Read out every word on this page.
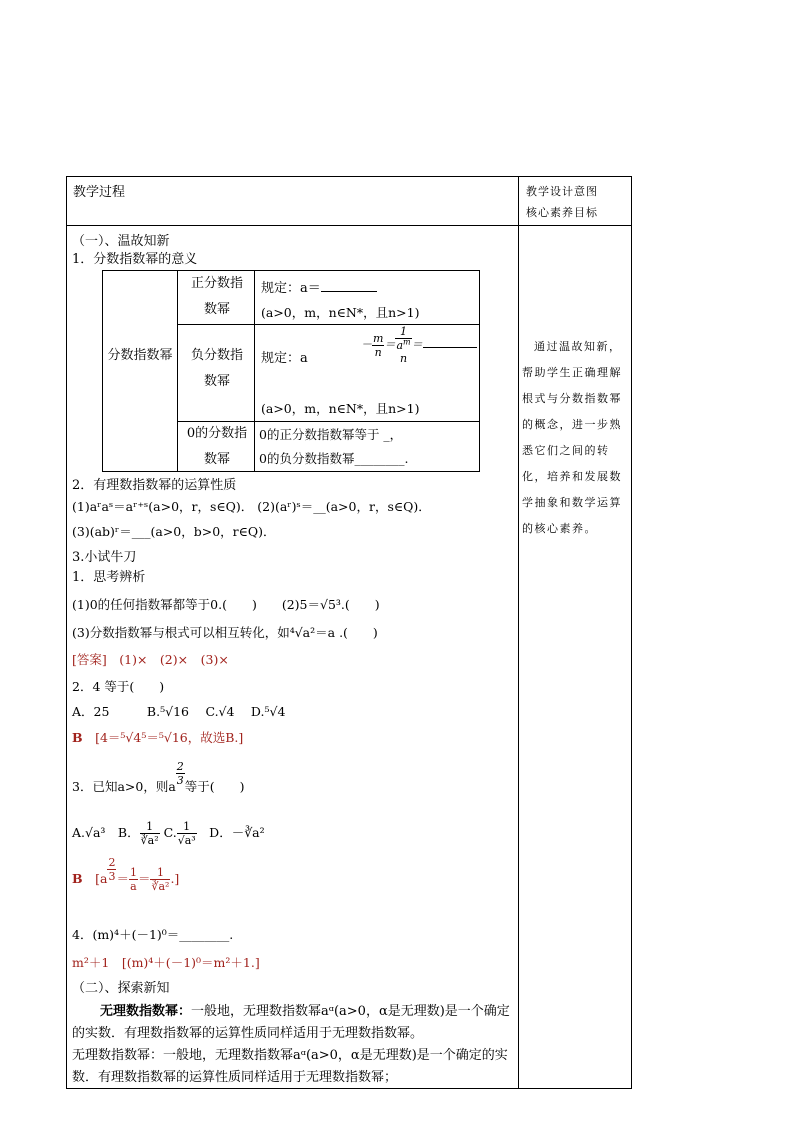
教学过程	教学设计意图
核心素养目标
（一）、温故知新
1．分数指数幂的意义
分数指数幂
正分数指数幂
规定：a＝
(a>0，m，n∈N*，且n>1)
负分数指数幂
规定：a
－ $\frac{m}{n}$ ＝
1
$a^m$
n
＝
(a>0，m，n∈N*，且n>1)
0的分数指数幂
0的正分数指数幂等于 _，
0的负分数指数幂________.
2．有理数指数幂的运算性质
(1)aʳaˢ＝aʳ⁺ˢ(a>0，r，s∈Q)． (2)(aʳ)ˢ＝__(a>0，r，s∈Q)．
(3)(ab)ʳ＝___(a>0，b>0，r∈Q)．
3.小试牛刀
1．思考辨析
(1)0的任何指数幂都等于0.(　　)　　(2)5＝√5³.(　　)
(3)分数指数幂与根式可以相互转化，如⁴√a²＝a .(　　)
[答案]　(1)×　(2)×　(3)×
2．4 等于(　　)
A．25　　　B.⁵√16　 C.√4 　D.⁵√4
B　 [4＝⁵√4⁵＝⁵√16，故选B.]
3．已知a>0，则a $\frac{2}{3}$ 等于(　　)
A.√a³　B． $\frac{1}{\text{∛a²}} C$. $\frac{1}{\text{√a³}}$ 　D．－∛a²
B　 [$a \frac{2}{3} = \frac{1}{a} = \frac{1}{\text{∛a²}}$ .]
4．(m)⁴＋(－1)⁰＝________.
m²＋1　[(m)⁴＋(－1)⁰＝m²＋1.]
（二）、探索新知
无理数指数幂：一般地，无理数指数幂aᵅ(a>0，α是无理数)是一个确定的实数．有理数指数幂的运算性质同样适用于无理数指数幂。
无理数指数幂：一般地，无理数指数幂aᵅ(a>0，α是无理数)是一个确定的实数．有理数指数幂的运算性质同样适用于无理数指数幂；
通过温故知新，帮助学生正确理解根式与分数指数幂的概念，进一步熟悉它们之间的转化，培养和发展数学抽象和数学运算的核心素养。
